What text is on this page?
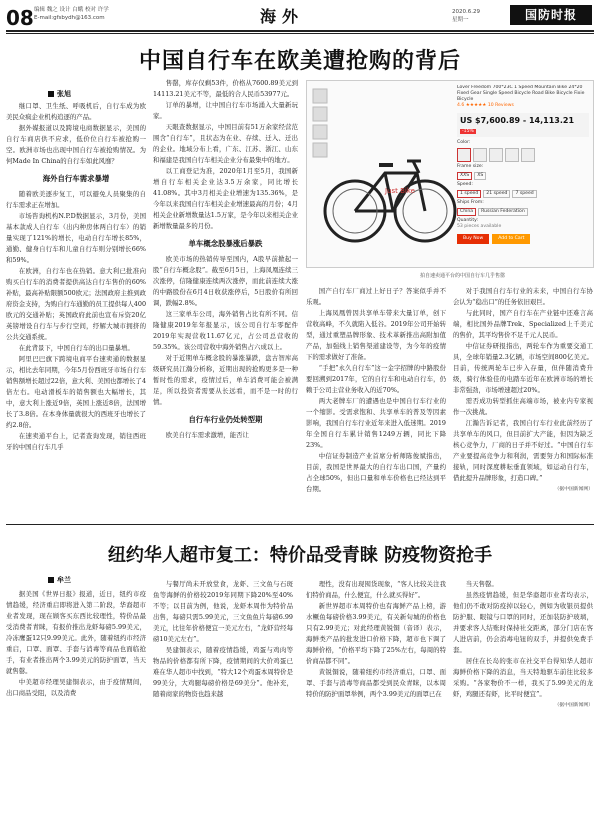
08 编辑 魏之 设计 白蛾 校对 许学
E-mail:gfsbydh@163.com	海外	2020.6.29
星期一	国防时报
中国自行车在欧美遭抢购的背后
张旭

继口罩、卫生纸、呼吸机后，自行车成为欧美民众疯企业机构追逐的产品。

据外媒报道以及跨境电商数据显示，美国的自行车商店供不应求，低价位自行车被抢购一空。欧洲市场也出现中国自行车被抢购情况。为何Made In China的自行车如此风靡？

海外自行车需求暴增

随着欧美逐步复工，可以避免人员聚集的自行车需求正在增加。

市场咨询机构N.P.D数据显示，3月份，美国基本款成人自行车（出内种房体两自行车）的销量实现了121%的增长，电动自行车增长85%，通勤、健身自行车和儿童自行车则分别增长66%和59%。

在欧洲，自行车也在热销。意大利已批准向购买自行车的消费者提供高达自行车售价的60%补贴，最高补贴限额500欧元；法国政府主推到政府资金支持，为购自行车通勤的员工提供每人400欧元的交通补贴；英国政府此前也宣布斥资20亿英镑增设自行车与步行空间，纾解大城市拥挤的公共交通系统。

在此背景下，中国自行车的出口量暴增。

阿里巴巴旗下跨境电商平台速卖通的数据显示，相比去年同期，今年5月份西班牙市场自行车销售额增长超过22倍，意大利、美国也都增长了4倍左右。电动滑板车的销售额也大幅增长，其中，意大利上涨近9倍，英国上涨近8倍，法国增长了3.8倍。在本身体量就很大的西班牙也增长了约2.8倍。

在速卖通平台上，记者查询发现，销往西班牙的中国自行车几乎

售罄，库存仅剩53件，价格从7600.89美元到14113.21美元不等，最低的合人民币53977元。

订单的暴增，让中国自行车市场涌入大量新玩家。

天眼查数据显示，中国目前有51万余家经营范围含“自行车”，且状态为在业、存续、迁入、迁出的企业。地域分布上看，广东、江苏、浙江、山东和福建是我国自行车相关企业分布最集中的地方。

以工商登记为准，2020年1月至5月，我国新增自行车相关企业达3.5万余家，同比增长41.08%。其中3月相关企业增速为135.36%，是今年以来我国自行车相关企业增速最高的月份；4月相关企业新增数量达1.5万家，是今年以来相关企业新增数量最多的月份。

单车概念股暴涨后暴跌

欧美市场的热销传导至国内，A股早前掀起一股“自行车概念股”。截至6月5日，上海凤凰连续三次涨停，信隆健康连续两次涨停，而此前连续大涨的中路股份在6月4日收获涨停后，5日股价有所回调，跌幅2.8%。

这三家单车公司，海外销售占比有所不同。信隆健康2019年年报显示，该公司自行车零配件2019年实现营收11.67亿元，占公司总营收的59.35%。该公司营收中海外销售占六成以上。

对于近期单车概念股的暴涨暴跌，盘古智库高级研究员江瀚分析称，近期出现的抢购更多是一种暂时性的需求，疫情过后，单车消费可能会被满足，所以投资者需要从长远看，而不是一时的行情。

自行车行业仍处转型期

欧美自行车需求激增，能否让

国产自行车厂商过上好日子？答案似乎并不乐观。

上海凤凰曾因共享单车带来大量订单，创下营收高峰，不久就陷入低谷。2019年公司开始转型，通过重塑品牌形象、技术革新推出高附加值产品，加强线上销售渠道建设等，为今年的疫情下的需求做好了准备。

“手把”永久自行车”这一金字招牌的中路股份要回溯到2017年，它的自行车和电动自行车，仍赖于公司主营业务收入的近70%。

两大老牌车厂的遭遇也是中国自行车行业的一个缩影。受需求饱和、共享单车的普及等因素影响，我国自行车行业近年来进入低迷期。2019年全国自行车累计销售1249万辆，同比下降23%。

中信证券制造产业首席分析师陈俊斌指出，目前，我国是世界最大的自行车出口国，产量约占全球50%，但出口量和单车价格也已经达到平台期。

对于我国自行车行业的未来，中国自行车协会认为“稳出口”的任务依旧艰巨。

与此同时，国产自行车在产业链中还难言高端，相比国外品牌Trek、Specialized上千美元的售价，其平均售价不足千元人民币。

中信证券研报指出，两轮车作为重要交通工具，全球年销量2.3亿辆，市场空间800亿美元。目前，传统两轮车已步入存量，但伴随消费升级，骑行体验佳的电踏车近年在欧洲市场的增长非常强劲，市场增速超过20%。

需否成功转型抓住高端市场，被业内专家视作一次挑战。

江瀚告诉记者，我国自行车行业此前经历了共享单车的风口，但目前扩大产能，但因为缺乏核心竞争力，厂商的日子并不好过。“中国自行车产业要提高竞争力和利润，需要努力和国际标准接轨，同时深度耕耘垂直领域，如运动自行车，借此提升品牌形象，打造口碑。”

（据中国新闻网）

Just Bike
Lover Freedom 700*23C 1 Speed Mountain Bike 24*20 Fixed Gear Single Speed Bicycle Road Bike Bicycle Fixie Bicycle
4.6 ★★★★★ 10 Reviews
US $7,600.89 - 14,113.21 -15%
Color:
Frame size:
XXS	XS
Speed:
1 speed	21 speed	7 speed
Ships From:
China	Russian Federation
Quantity:
53 pieces available
Buy Now	Add to Cart
拍自速卖通平台的中国自行车几乎售罄
纽约华人超市复工：特价品受青睐 防疫物资抢手
牟兰

据美国《世界日报》报道，近日，纽约市疫情趋缓，经济重启即将进入第二阶段，华裔超市业者发现，现在顾客买东西比较理性，特价品最受消费者青睐，有报价推出龙虾每磅5.99美元，冷冻鹰蛋12只9.99美元。此外，随着纽约市经济重启，口罩、面罩、手套与消毒等商品也面临抢手，有业者推出两个3.99美元的防护面罩，当天就售罄。

中美超市经理吴建铜表示，由于疫情期间，出口商品受阻，以及消费

与餐厅尚未开放堂食，龙虾、三文鱼与石斑鱼等海鲜的价格较2019年同期下降20%至40%不等；以目前为例，他说，龙虾本周作为特价品出售，每磅只需5.99美元，三文鱼鱼片每磅6.99美元，比往年价格便宜一美元左右，“龙虾营经每磅10美元左右”。

吴建铜表示，随着疫情趋缓，鸡蛋与鸡肉等物品的价格都有所下降，疫情期间的大价鸡蛋已难在华人超市中找到，“特大12个鸡蛋本周特价是99美分，大鸡腿每磅价格是69美分”。他补充，随着商家的物资也趋来越

理性，没有出现囤货现象，“客人比较关注我们特价商品，什么便宜，什么就买得好”。

新世界超市本周特价也有海鲜产品上榜，游水鳜鱼每磅价格3.99美元，有关新旬城的价格也只有2.99美元；对此经理黄锐铜（音译）表示，海鲜类产品的批发进口价格下降，超市也下调了海鲜价格，“价格平均下降了25%左右，每周的特价商品都不同”。

黄锐铜说，随着纽约市经济重启，口罩、面罩、手套与消毒等商品都受到民众青睐，以本周特价的防护面罩举例，两个3.99美元的面罩已在

当天售罄。

虽然疫情趋缓，但是华裔超市业者均表示，他们仍不敢对防疫掉以轻心，例如为收银员提供防护服、眼镜与口罩的同时，还加装防护玻璃，并要求客人结账时保持社交距离，部分门店在客人进店前，仍会消毒电钮的双手，并提供免费手套。

居住在长岛的张市在社交平台得知华人超市海鲜价格下降的消息，当天特地驱车前往比较多采购。“各家物价不一样，我买了5.99美元的龙虾，鸡腿还有虾，比平时便宜”。

（据中国新闻网）
